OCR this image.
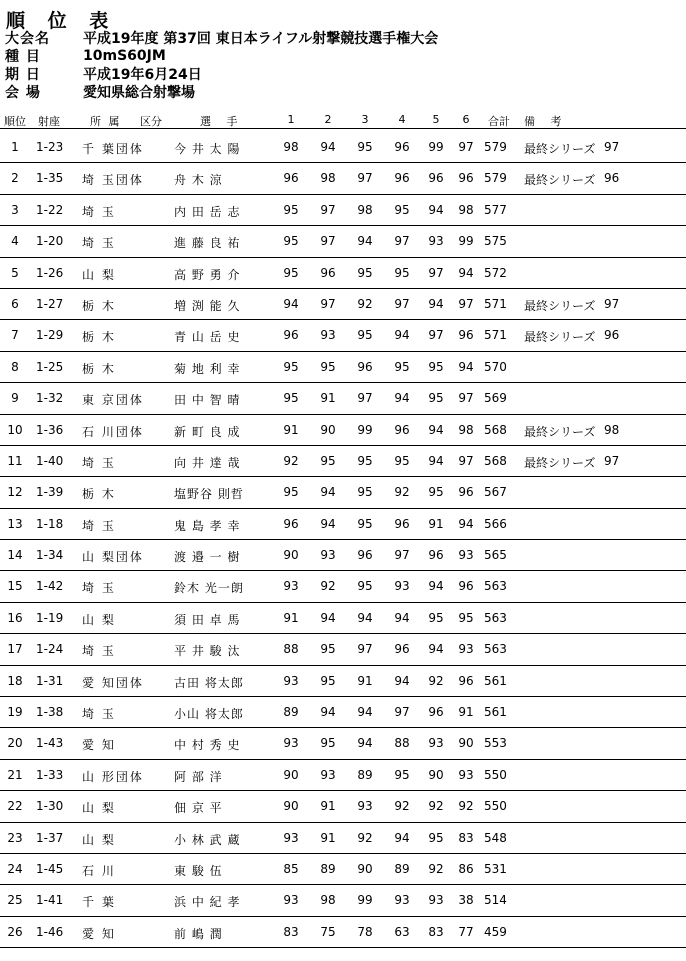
順 位 表
大会名	平成19年度 第37回 東日本ライフル射撃競技選手権大会
種 目	10mS60JM
期 日	平成19年6月24日
会 場	愛知県総合射撃場
順位 射座	所 属 区分	選 手	1	2	3	4	5	6	合計 備 考
1	1-23 千 葉団体	今 井 太 陽	98	94	95	96	99	97 579 最終シリーズ 97
2	1-35 埼 玉団体	舟 木 涼	96	98	97	96	96	96 579 最終シリーズ 96
3	1-22 埼 玉	内 田 岳 志	95	97	98	95	94	98 577
4	1-20 埼 玉	進 藤 良 祐	95	97	94	97	93	99 575
5	1-26 山 梨	高 野 勇 介	95	96	95	95	97	94 572
6	1-27 栃 木	増 渕 能 久	94	97	92	97	94	97 571 最終シリーズ 97
7	1-29 栃 木	青 山 岳 史	96	93	95	94	97	96 571 最終シリーズ 96
8	1-25 栃 木	菊 地 利 幸	95	95	96	95	95	94 570
9	1-32 東 京団体	田 中 智 晴	95	91	97	94	95	97 569
10 1-36 石 川団体	新 町 良 成	91	90	99	96	94	98 568 最終シリーズ 98
11 1-40 埼 玉	向 井 達 哉	92	95	95	95	94	97 568 最終シリーズ 97
12 1-39 栃 木	塩野谷 則哲	95	94	95	92	95	96 567
13 1-18 埼 玉	鬼 島 孝 幸	96	94	95	96	91	94 566
14 1-34 山 梨団体	渡 邉 一 樹	90	93	96	97	96	93 565
15 1-42 埼 玉	鈴木 光一朗	93	92	95	93	94	96 563
16 1-19 山 梨	須 田 卓 馬	91	94	94	94	95	95 563
17 1-24 埼 玉	平 井 駿 汰	88	95	97	96	94	93 563
18 1-31 愛 知団体	古田 将太郎	93	95	91	94	92	96 561
19 1-38 埼 玉	小山 将太郎	89	94	94	97	96	91 561
20 1-43 愛 知	中 村 秀 史	93	95	94	88	93	90 553
21 1-33 山 形団体	阿 部 洋	90	93	89	95	90	93 550
22 1-30 山 梨	佃 京 平	90	91	93	92	92	92 550
23 1-37 山 梨	小 林 武 蔵	93	91	92	94	95	83 548
24 1-45 石 川	東 駿 伍	85	89	90	89	92	86 531
25 1-41 千 葉	浜 中 紀 孝	93	98	99	93	93	38 514
26 1-46 愛 知	前 嶋 潤	83	75	78	63	83	77 459
